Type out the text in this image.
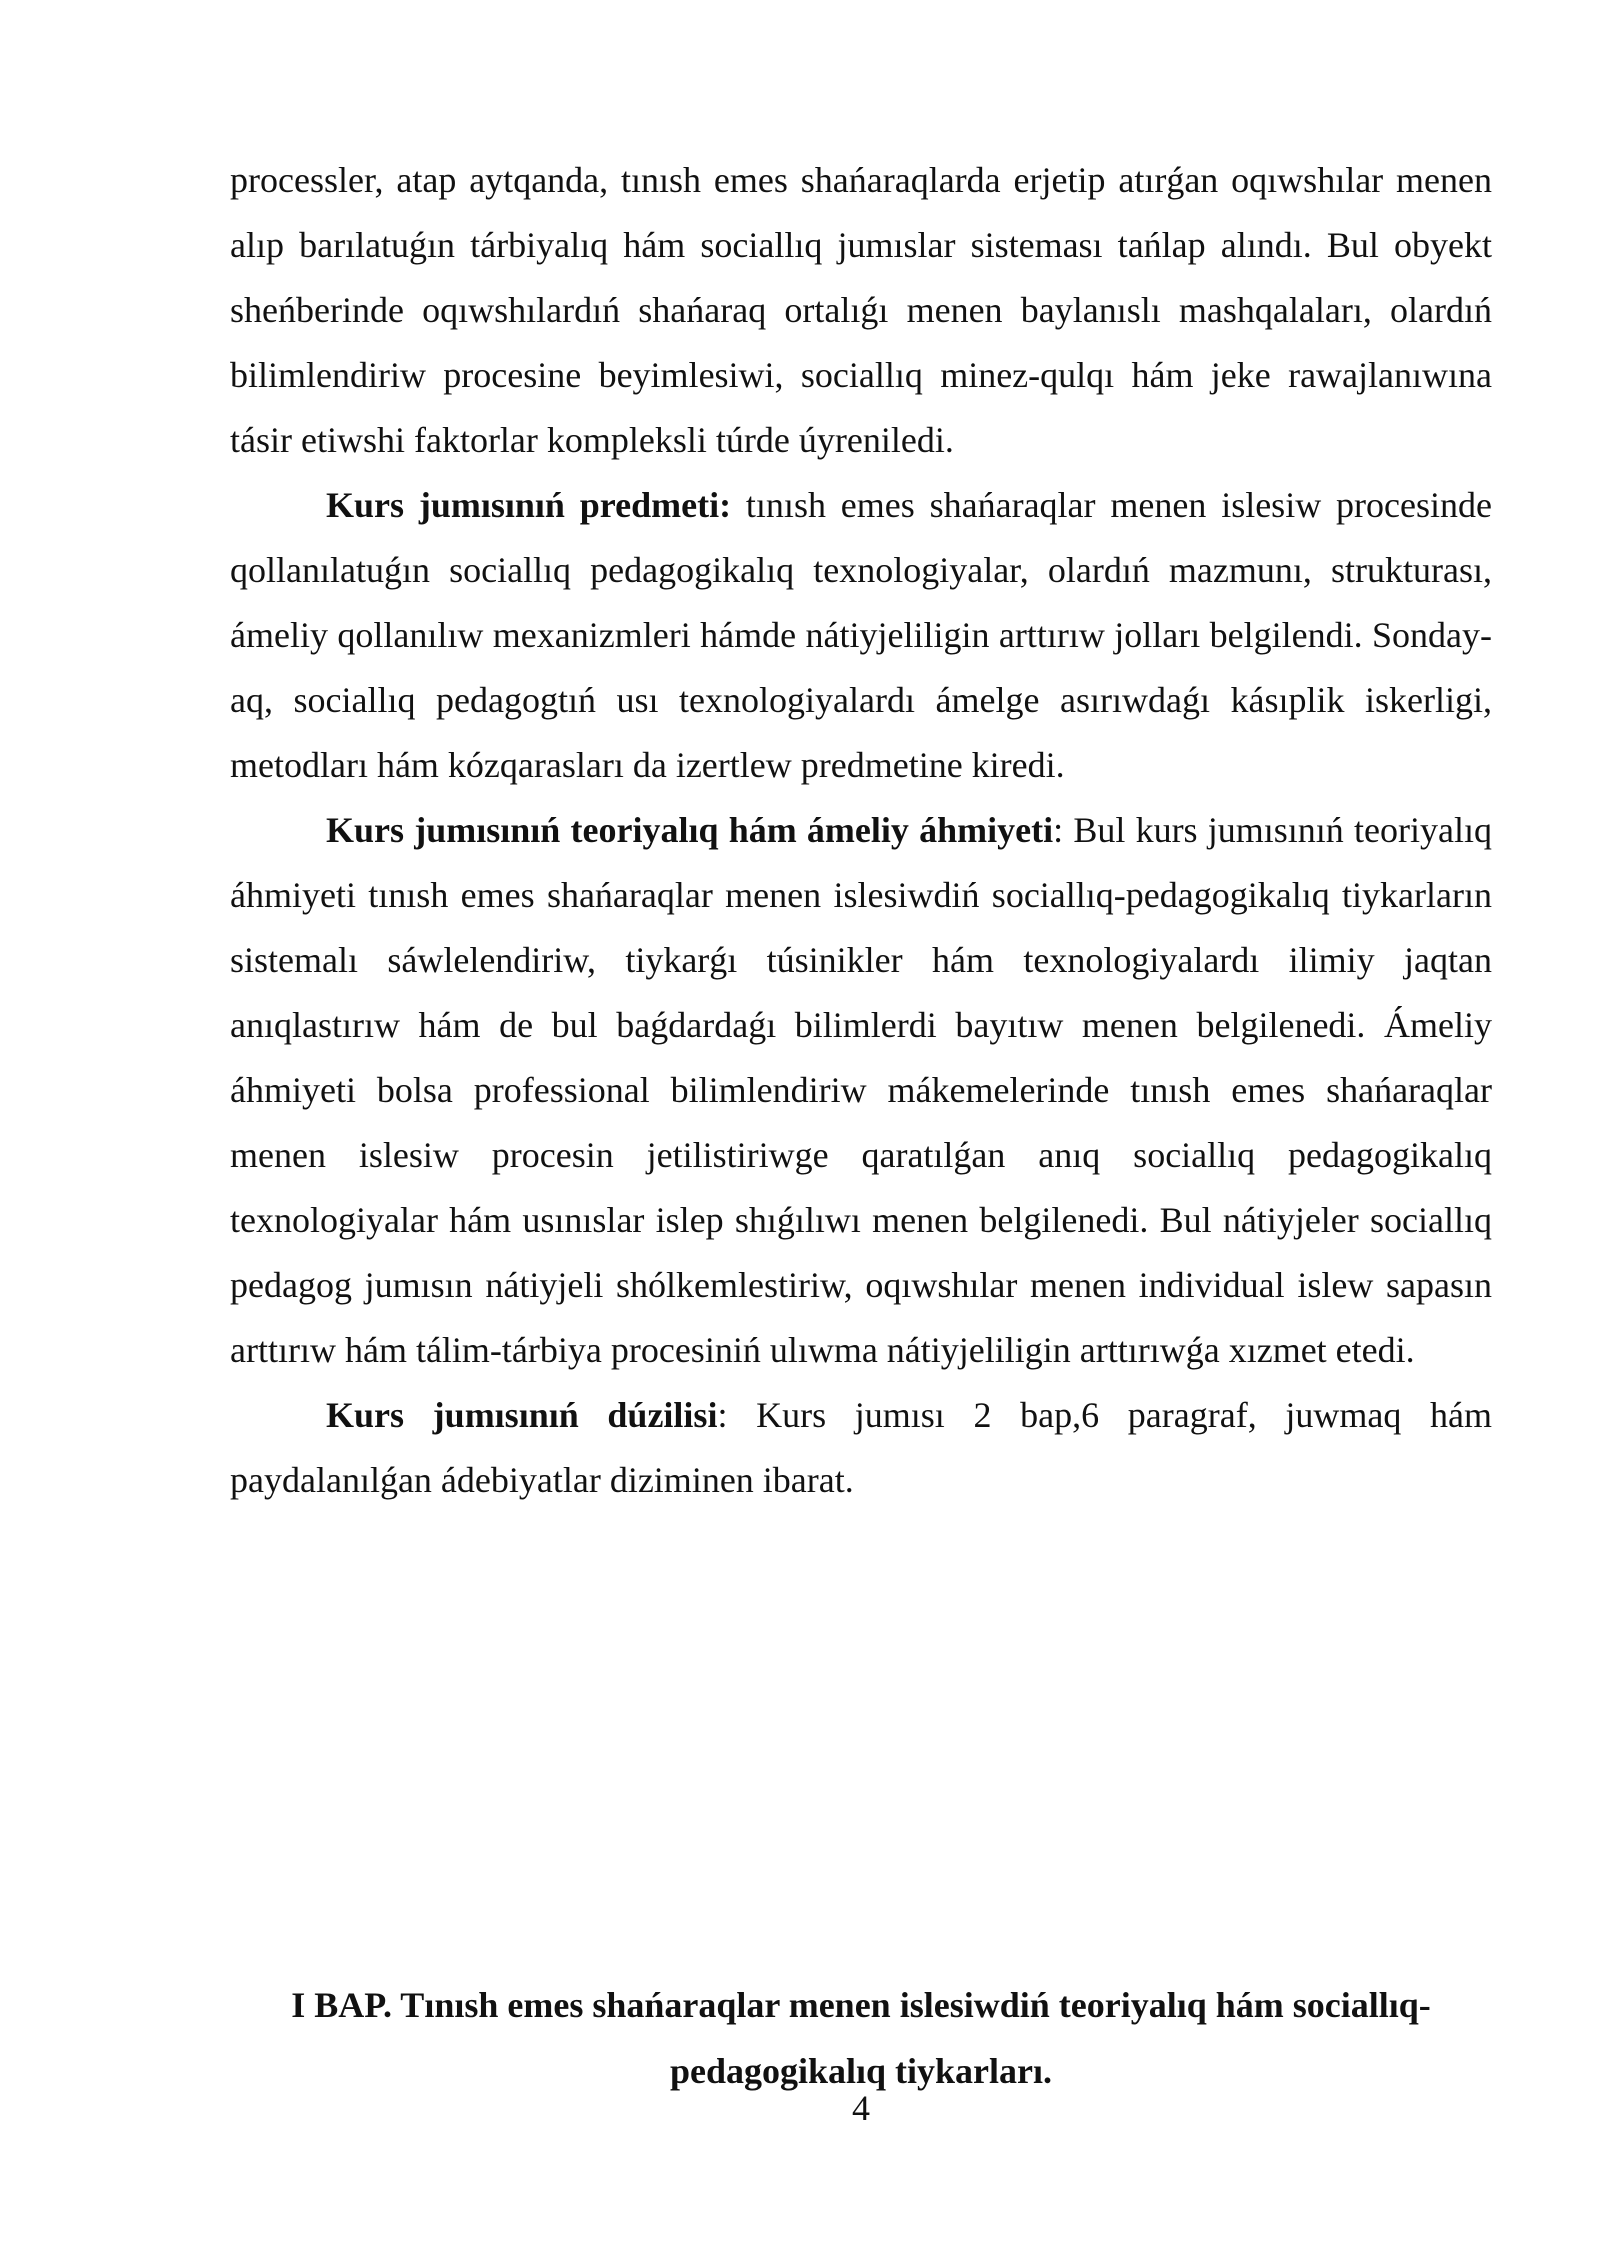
processler, atap aytqanda, tınısh emes shańaraqlarda erjetip atırǵan oqıwshılar menen alıp barılatuǵın tárbiyalıq hám sociallıq jumıslar sisteması tańlap alındı. Bul obyekt sheńberinde oqıwshılardıń shańaraq ortalıǵı menen baylanıslı mashqalaları, olardıń bilimlendiriw procesine beyimlesiwi, sociallıq minez-qulqı hám jeke rawajlanıwına tásir etiwshi faktorlar kompleksli túrde úyreniledi.

Kurs jumısınıń predmeti: tınısh emes shańaraqlar menen islesiw procesinde qollanılatuǵın sociallıq pedagogikalıq texnologiyalar, olardıń mazmunı, strukturası, ámeliy qollanılıw mexanizmleri hámde nátiyjeliligin arttırıw jolları belgilendi. Sonday-aq, sociallıq pedagogtıń usı texnologiyalardı ámelge asırıwdaǵı kásıplik iskerligi, metodları hám kózqarasları da izertlew predmetine kiredi.

Kurs jumısınıń teoriyalıq hám ámeliy áhmiyeti: Bul kurs jumısınıń teoriyalıq áhmiyeti tınısh emes shańaraqlar menen islesiwdiń sociallıq-pedagogikalıq tiykarların sistemalı sáwlelendiriw, tiykarǵı túsinikler hám texnologiyalardı ilimiy jaqtan anıqlastırıw hám de bul baǵdardaǵı bilimlerdi bayıtıw menen belgilenedi. Ámeliy áhmiyeti bolsa professional bilimlendiriw mákemelerinde tınısh emes shańaraqlar menen islesiw procesin jetilistiriwge qaratılǵan anıq sociallıq pedagogikalıq texnologiyalar hám usınıslar islep shıǵılıwı menen belgilenedi. Bul nátiyjeler sociallıq pedagog jumısın nátiyjeli shólkemlestiriw, oqıwshılar menen individual islew sapasın arttırıw hám tálim-tárbiya procesiniń ulıwma nátiyjeliligin arttırıwǵa xızmet etedi.

Kurs jumısınıń dúzilisi: Kurs jumısı 2 bap,6 paragraf, juwmaq hám paydalanılǵan ádebiyatlar diziminen ibarat.

I BAP. Tınısh emes shańaraqlar menen islesiwdiń teoriyalıq hám sociallıq-pedagogikalıq tiykarları.
4
